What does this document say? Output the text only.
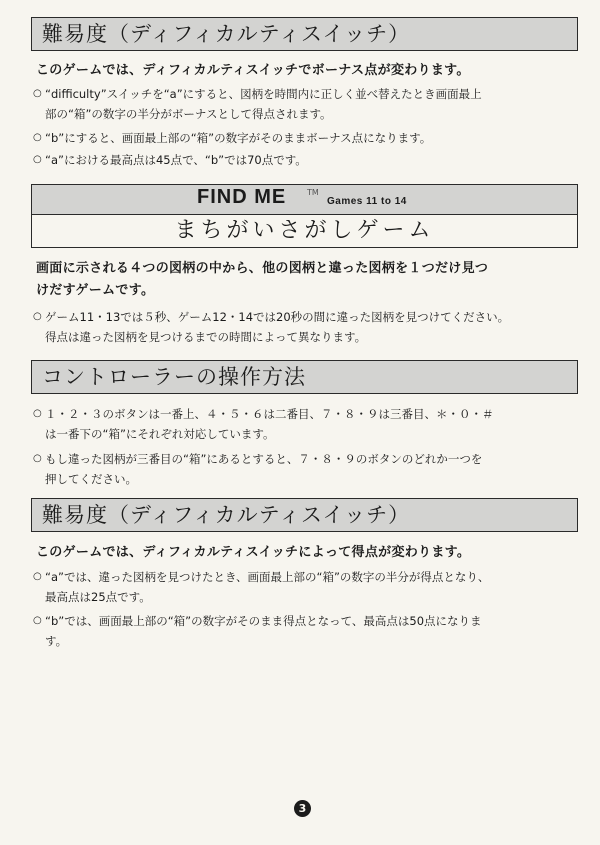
難易度（ディフィカルティスイッチ）
このゲームでは、ディフィカルティスイッチでボーナス点が変わります。
○ “difficulty”スイッチを“a”にすると、図柄を時間内に正しく並べ替えたとき画面最上
部の“箱”の数字の半分がボーナスとして得点されます。
○ “b”にすると、画面最上部の“箱”の数字がそのままボーナス点になります。
○ “a”における最高点は45点で、“b”では70点です。
FIND ME	TM
Games 11 to 14
まちがいさがしゲーム
画面に示される４つの図柄の中から、他の図柄と違った図柄を１つだけ見つ
けだすゲームです。
○ ゲーム11・13では５秒、ゲーム12・14では20秒の間に違った図柄を見つけてください。
得点は違った図柄を見つけるまでの時間によって異なります。
コントローラーの操作方法
○ １・２・３のボタンは一番上、４・５・６は二番目、７・８・９は三番目、＊・０・＃
は一番下の“箱”にそれぞれ対応しています。
○ もし違った図柄が三番目の“箱”にあるとすると、７・８・９のボタンのどれか一つを
押してください。
難易度（ディフィカルティスイッチ）
このゲームでは、ディフィカルティスイッチによって得点が変わります。
○ “a”では、違った図柄を見つけたとき、画面最上部の“箱”の数字の半分が得点となり、
最高点は25点です。
○ “b”では、画面最上部の“箱”の数字がそのまま得点となって、最高点は50点になりま
す。
3
